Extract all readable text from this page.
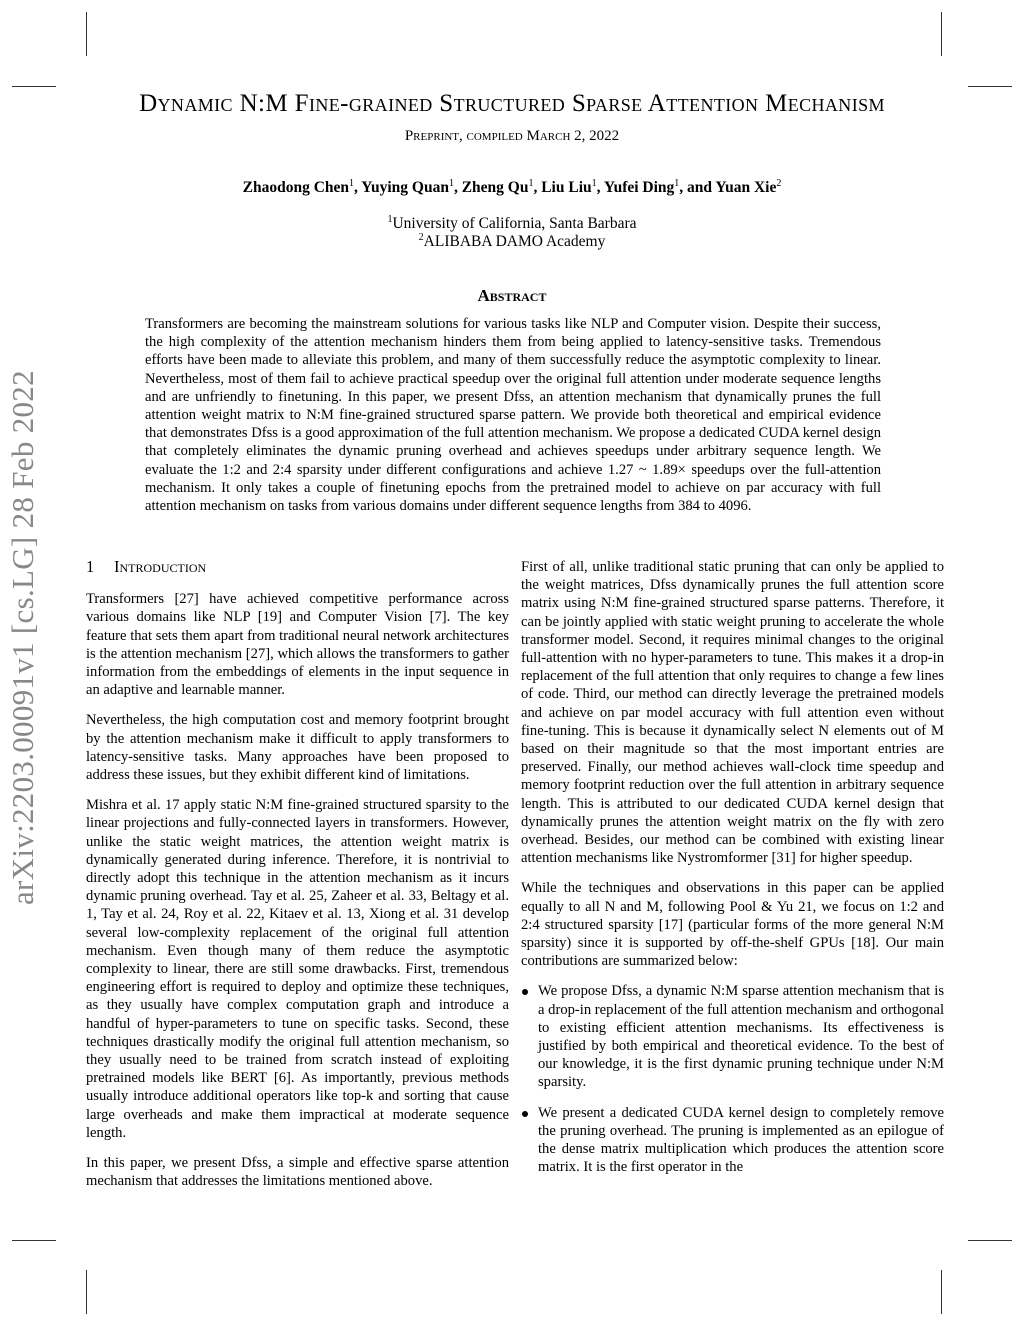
arXiv:2203.00091v1 [cs.LG] 28 Feb 2022
Dynamic N:M Fine-grained Structured Sparse Attention Mechanism
Preprint, compiled March 2, 2022
Zhaodong Chen$^1$, Yuying Quan$^1$, Zheng Qu$^1$, Liu Liu$^1$, Yufei Ding$^1$, and Yuan Xie$^2$
$^1$University of California, Santa Barbara
$^2$ALIBABA DAMO Academy
Abstract
Transformers are becoming the mainstream solutions for various tasks like NLP and Computer vision. Despite their success, the high complexity of the attention mechanism hinders them from being applied to latency-sensitive tasks. Tremendous efforts have been made to alleviate this problem, and many of them successfully reduce the asymptotic complexity to linear. Nevertheless, most of them fail to achieve practical speedup over the original full attention under moderate sequence lengths and are unfriendly to finetuning. In this paper, we present Dfss, an attention mechanism that dynamically prunes the full attention weight matrix to N:M fine-grained structured sparse pattern. We provide both theoretical and empirical evidence that demonstrates Dfss is a good approximation of the full attention mechanism. We propose a dedicated CUDA kernel design that completely eliminates the dynamic pruning overhead and achieves speedups under arbitrary sequence length. We evaluate the 1:2 and 2:4 sparsity under different configurations and achieve 1.27 ~ 1.89× speedups over the full-attention mechanism. It only takes a couple of finetuning epochs from the pretrained model to achieve on par accuracy with full attention mechanism on tasks from various domains under different sequence lengths from 384 to 4096.
1 Introduction

Transformers [27] have achieved competitive performance across various domains like NLP [19] and Computer Vision [7]. The key feature that sets them apart from traditional neural network architectures is the attention mechanism [27], which allows the transformers to gather information from the embeddings of elements in the input sequence in an adaptive and learnable manner.

Nevertheless, the high computation cost and memory footprint brought by the attention mechanism make it difficult to apply transformers to latency-sensitive tasks. Many approaches have been proposed to address these issues, but they exhibit different kind of limitations.

Mishra et al. 17 apply static N:M fine-grained structured sparsity to the linear projections and fully-connected layers in transformers. However, unlike the static weight matrices, the attention weight matrix is dynamically generated during inference. Therefore, it is nontrivial to directly adopt this technique in the attention mechanism as it incurs dynamic pruning overhead. Tay et al. 25, Zaheer et al. 33, Beltagy et al. 1, Tay et al. 24, Roy et al. 22, Kitaev et al. 13, Xiong et al. 31 develop several low-complexity replacement of the original full attention mechanism. Even though many of them reduce the asymptotic complexity to linear, there are still some drawbacks. First, tremendous engineering effort is required to deploy and optimize these techniques, as they usually have complex computation graph and introduce a handful of hyper-parameters to tune on specific tasks. Second, these techniques drastically modify the original full attention mechanism, so they usually need to be trained from scratch instead of exploiting pretrained models like BERT [6]. As importantly, previous methods usually introduce additional operators like top-k and sorting that cause large overheads and make them impractical at moderate sequence length.

In this paper, we present Dfss, a simple and effective sparse attention mechanism that addresses the limitations mentioned above.

First of all, unlike traditional static pruning that can only be applied to the weight matrices, Dfss dynamically prunes the full attention score matrix using N:M fine-grained structured sparse patterns. Therefore, it can be jointly applied with static weight pruning to accelerate the whole transformer model. Second, it requires minimal changes to the original full-attention with no hyper-parameters to tune. This makes it a drop-in replacement of the full attention that only requires to change a few lines of code. Third, our method can directly leverage the pretrained models and achieve on par model accuracy with full attention even without fine-tuning. This is because it dynamically select N elements out of M based on their magnitude so that the most important entries are preserved. Finally, our method achieves wall-clock time speedup and memory footprint reduction over the full attention in arbitrary sequence length. This is attributed to our dedicated CUDA kernel design that dynamically prunes the attention weight matrix on the fly with zero overhead. Besides, our method can be combined with existing linear attention mechanisms like Nystromformer [31] for higher speedup.

While the techniques and observations in this paper can be applied equally to all N and M, following Pool & Yu 21, we focus on 1:2 and 2:4 structured sparsity [17] (particular forms of the more general N:M sparsity) since it is supported by off-the-shelf GPUs [18]. Our main contributions are summarized below:

We propose Dfss, a dynamic N:M sparse attention mechanism that is a drop-in replacement of the full attention mechanism and orthogonal to existing efficient attention mechanisms. Its effectiveness is justified by both empirical and theoretical evidence. To the best of our knowledge, it is the first dynamic pruning technique under N:M sparsity.
We present a dedicated CUDA kernel design to completely remove the pruning overhead. The pruning is implemented as an epilogue of the dense matrix multiplication which produces the attention score matrix. It is the first operator in the
